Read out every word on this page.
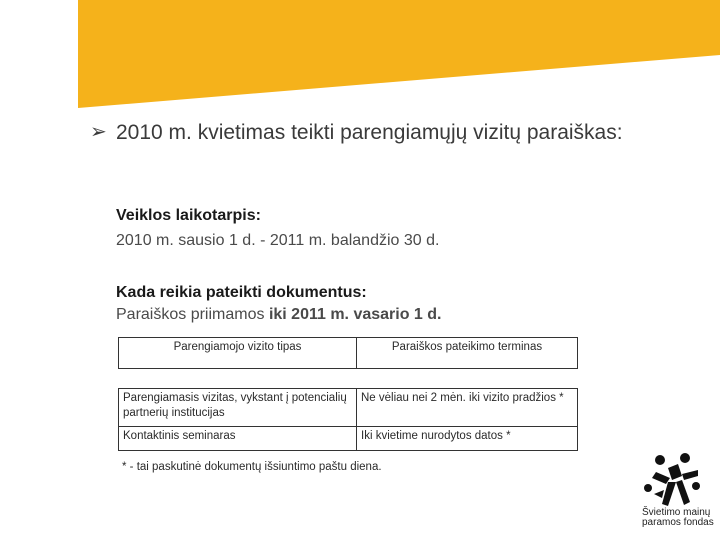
➢ 2010 m. kvietimas teikti parengiamųjų vizitų paraiškas:
Veiklos laikotarpis:
2010 m. sausio 1 d. - 2011 m. balandžio 30 d.
Kada reikia pateikti dokumentus:
Paraiškos priimamos iki 2011 m. vasario 1 d.
Parengiamojo vizito tipas	Paraiškos pateikimo terminas

Parengiamasis vizitas, vykstant į potencialių partnerių institucijas	Ne vėliau nei 2 mėn. iki vizito pradžios *
Kontaktinis seminaras	Iki kvietime nurodytos datos *
* - tai paskutinė dokumentų išsiuntimo paštu diena.
Švietimo mainų
paramos fondas
